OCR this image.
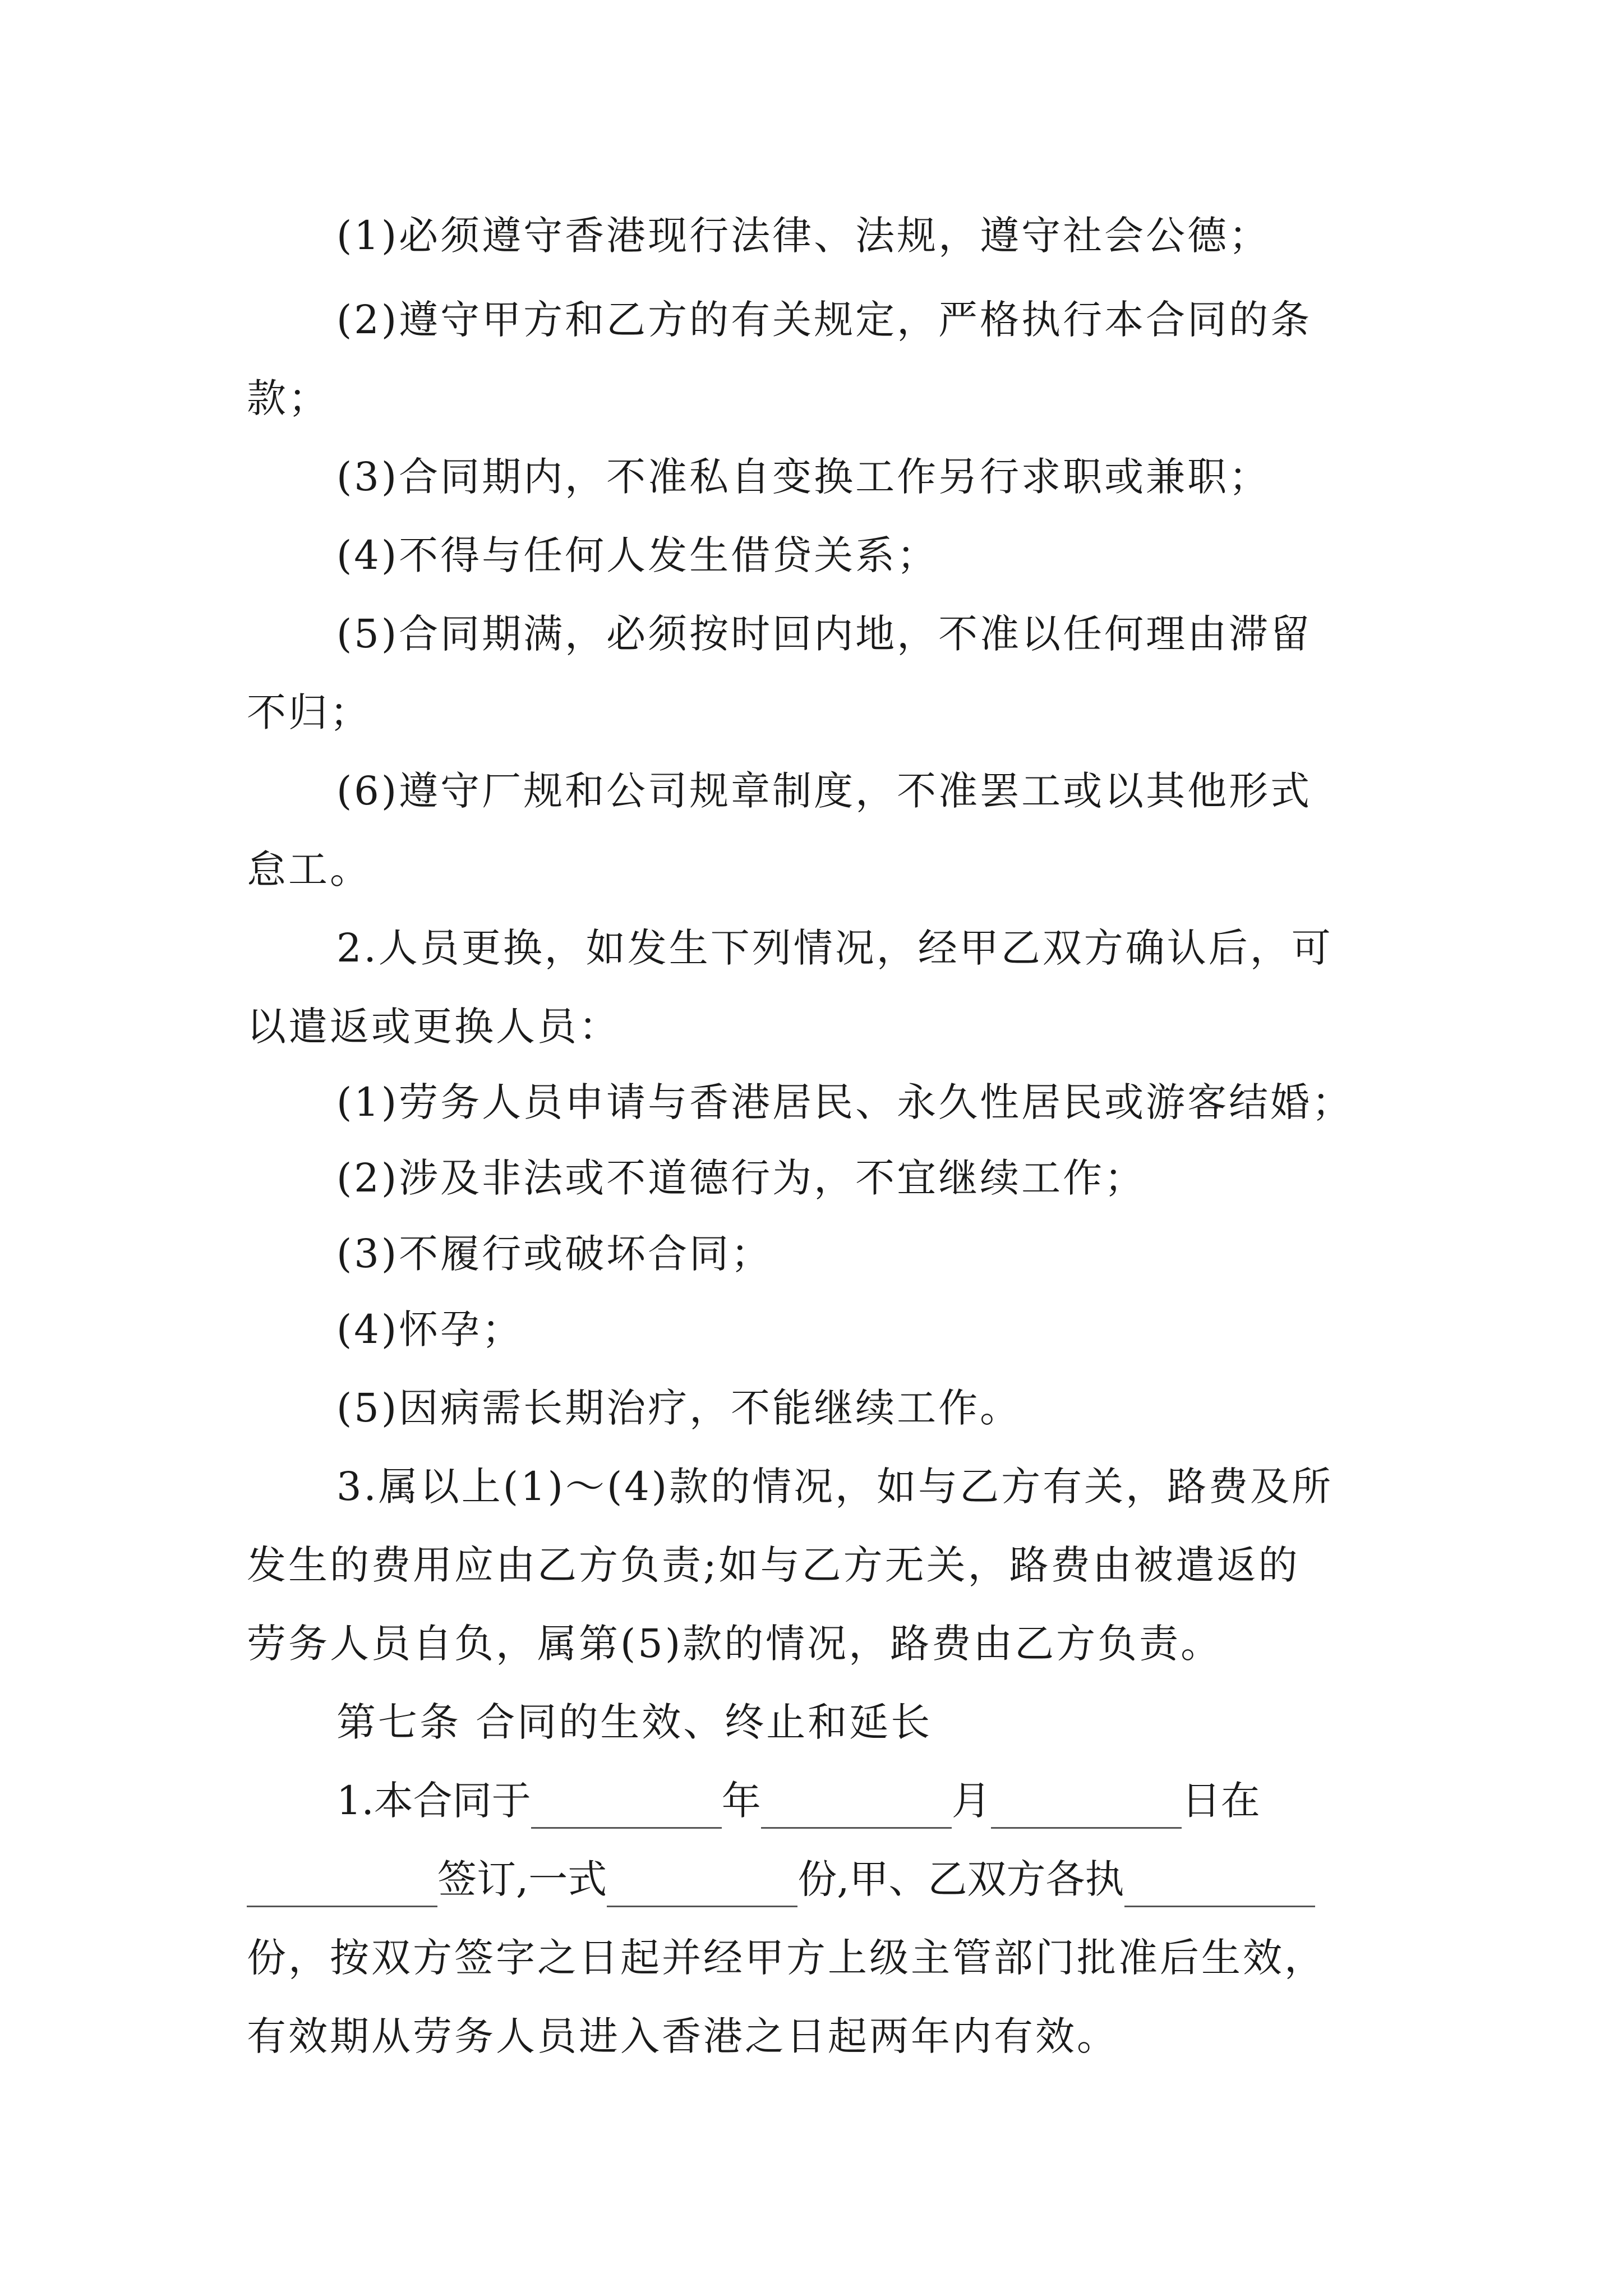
(1)必须遵守香港现行法律、法规，遵守社会公德；
(2)遵守甲方和乙方的有关规定，严格执行本合同的条
款；
(3)合同期内，不准私自变换工作另行求职或兼职；
(4)不得与任何人发生借贷关系；
(5)合同期满，必须按时回内地，不准以任何理由滞留
不归；
(6)遵守厂规和公司规章制度，不准罢工或以其他形式
怠工。
2.人员更换，如发生下列情况，经甲乙双方确认后，可
以遣返或更换人员：
(1)劳务人员申请与香港居民、永久性居民或游客结婚；
(2)涉及非法或不道德行为，不宜继续工作；
(3)不履行或破坏合同；
(4)怀孕；
(5)因病需长期治疗，不能继续工作。
3.属以上(1)～(4)款的情况，如与乙方有关，路费及所
发生的费用应由乙方负责;如与乙方无关，路费由被遣返的
劳务人员自负，属第(5)款的情况，路费由乙方负责。
第七条 合同的生效、终止和延长
1.本合同于	年	月	日在
签订,一式	份,甲、乙双方各执
份，按双方签字之日起并经甲方上级主管部门批准后生效，
有效期从劳务人员进入香港之日起两年内有效。
